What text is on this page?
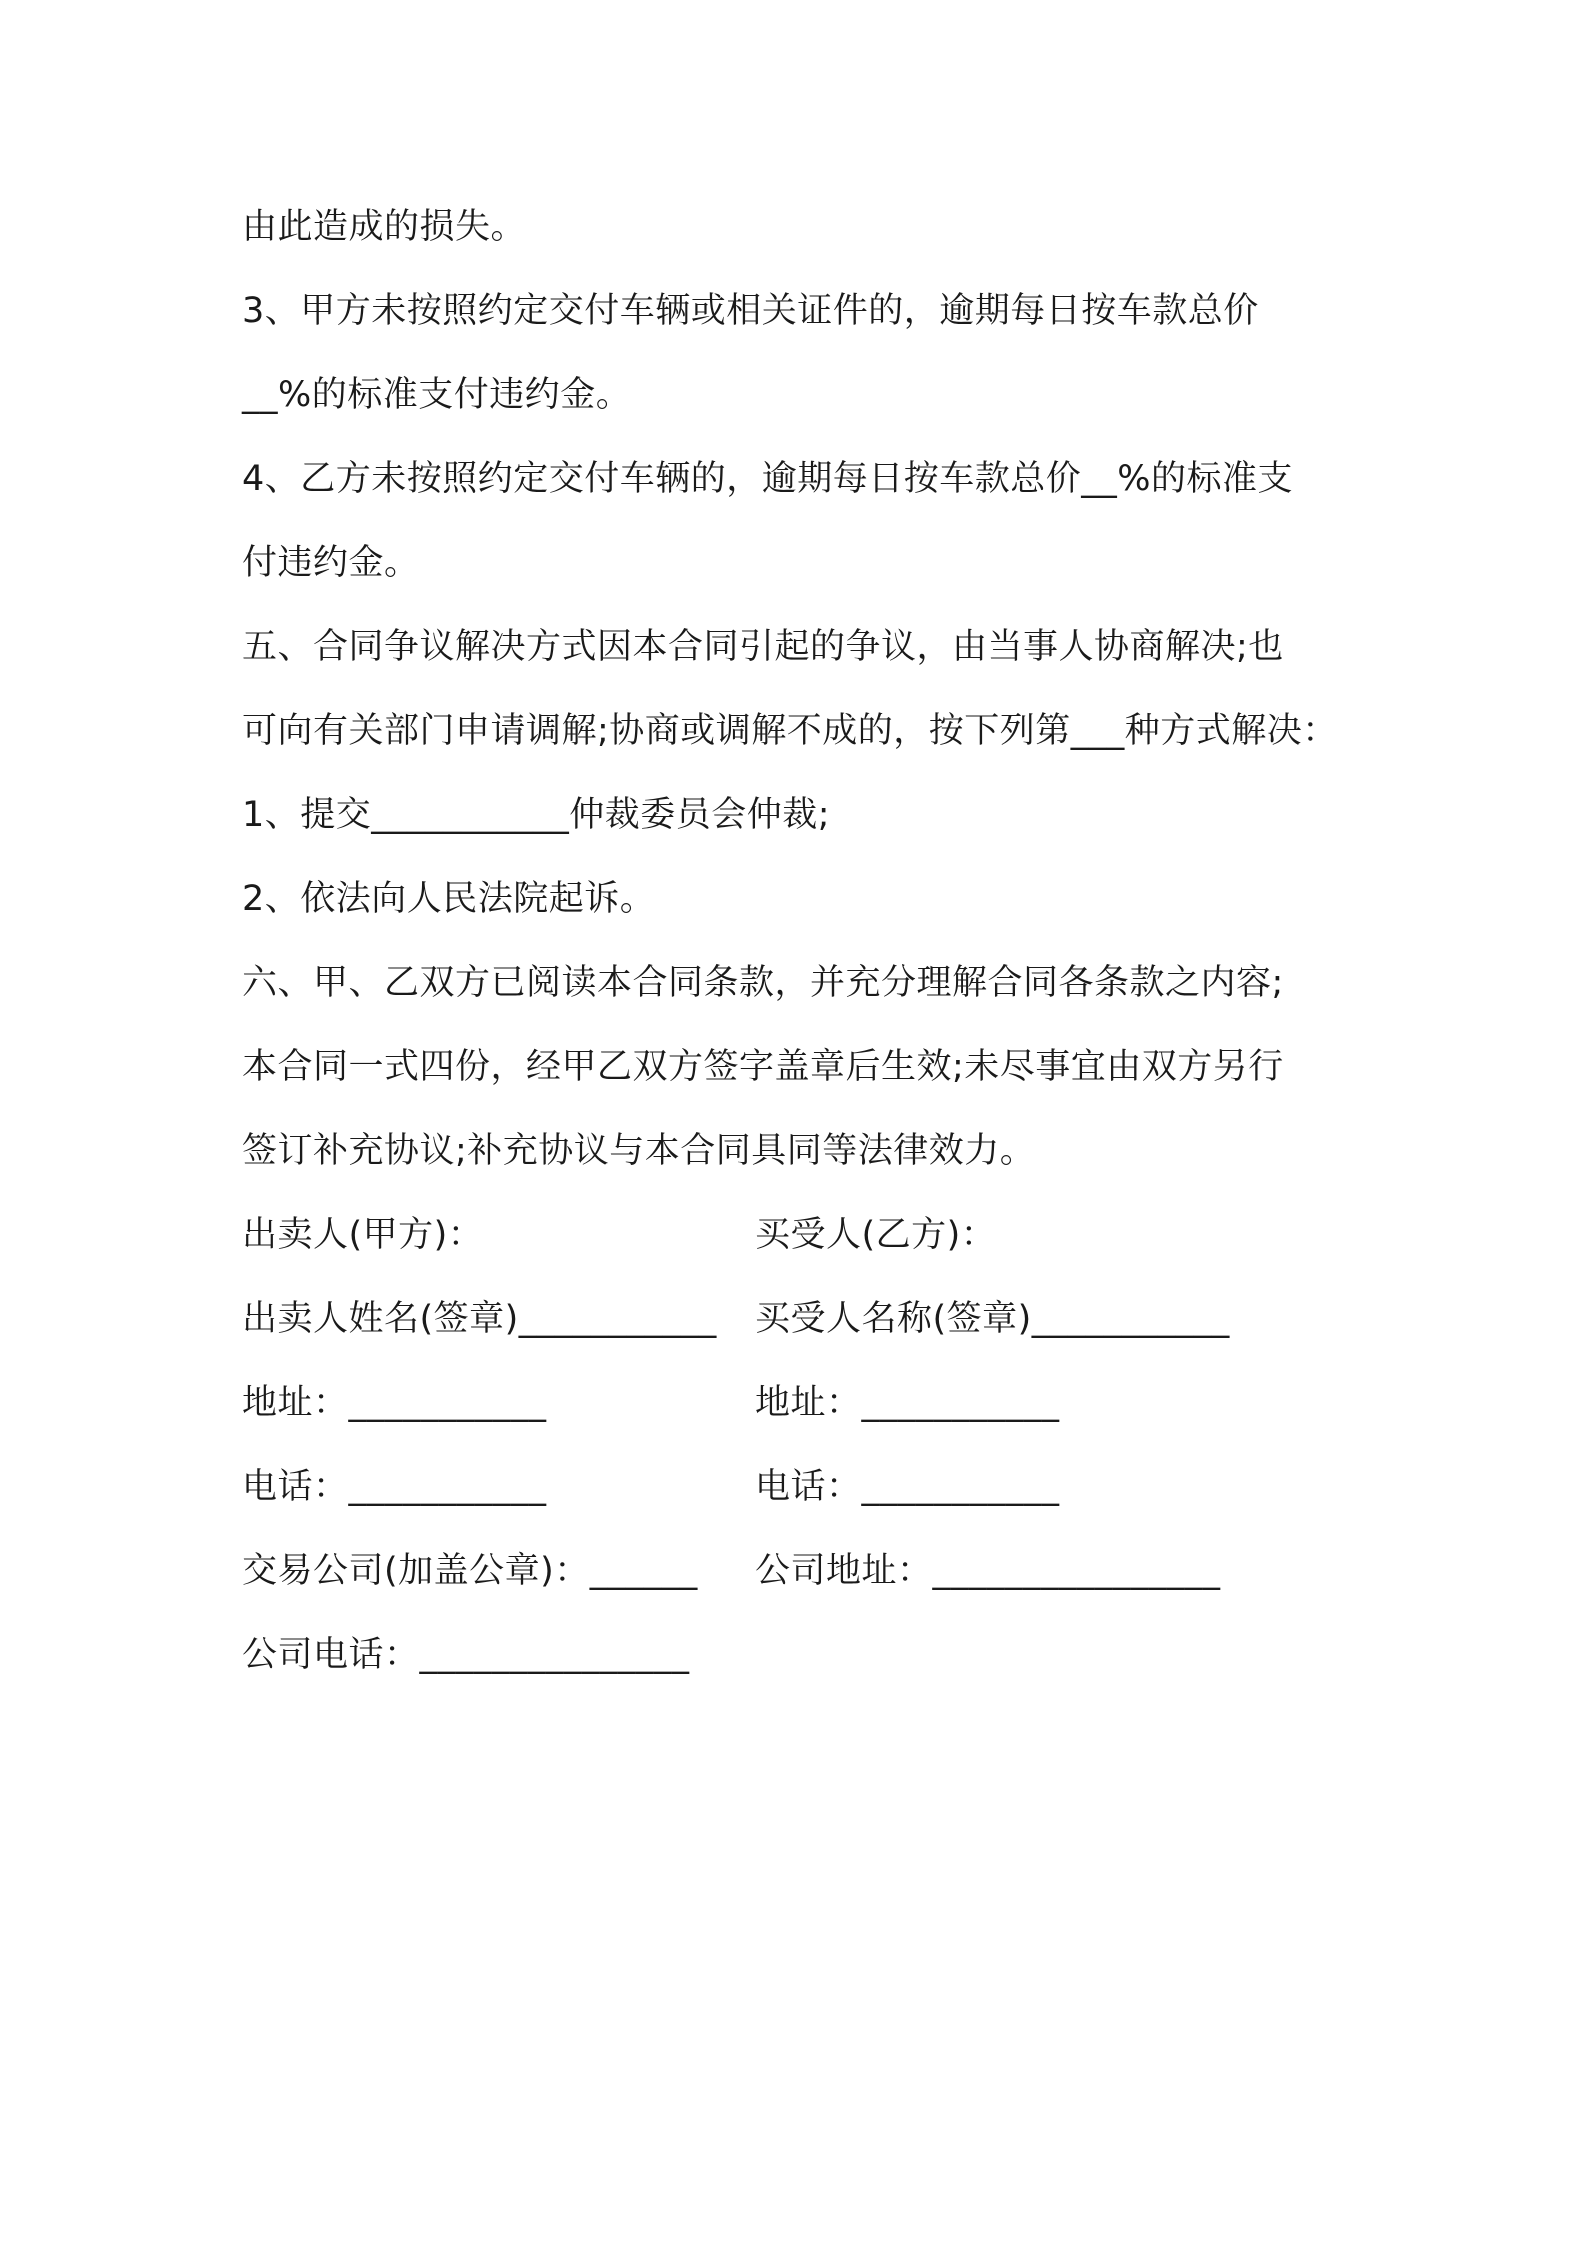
由此造成的损失。
3、甲方未按照约定交付车辆或相关证件的，逾期每日按车款总价
__%的标准支付违约金。
4、乙方未按照约定交付车辆的，逾期每日按车款总价__%的标准支
付违约金。
五、合同争议解决方式因本合同引起的争议，由当事人协商解决;也
可向有关部门申请调解;协商或调解不成的，按下列第___种方式解决：
1、提交___________仲裁委员会仲裁;
2、依法向人民法院起诉。
六、甲、乙双方已阅读本合同条款，并充分理解合同各条款之内容;
本合同一式四份，经甲乙双方签字盖章后生效;未尽事宜由双方另行
签订补充协议;补充协议与本合同具同等法律效力。
出卖人(甲方)：	买受人(乙方)：
出卖人姓名(签章)___________ 买受人名称(签章)___________
地址：___________	地址：___________
电话：___________	电话：___________
交易公司(加盖公章)：______ 公司地址：________________
公司电话：_______________
